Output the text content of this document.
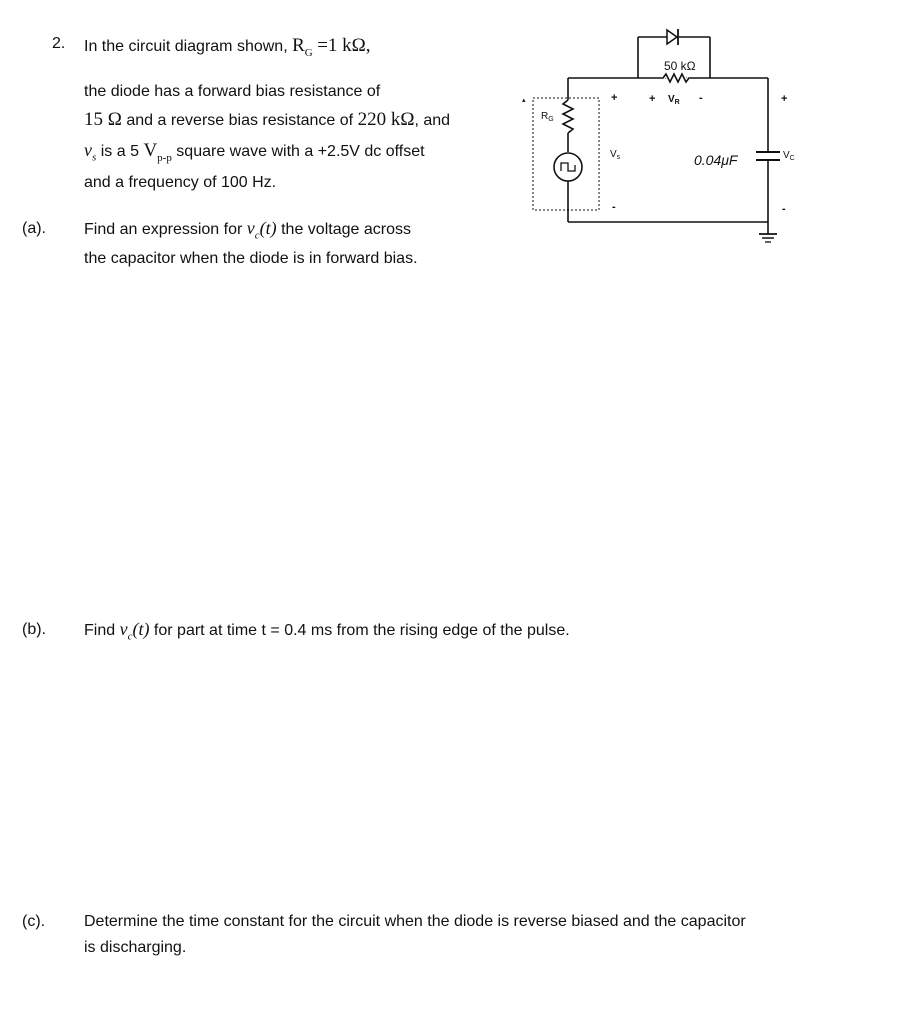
2. In the circuit diagram shown, $R_G =1$ kΩ,
the diode has a forward bias resistance of
15 Ω and a reverse bias resistance of 220 kΩ, and
$v_s$ is a 5 $V_{p-p}$ square wave with a +2.5V dc offset
and a frequency of 100 Hz.
(a). Find an expression for $v_c(t)$ the voltage across
the capacitor when the diode is in forward bias.
(b). Find $v_c(t)$ for part at time t = 0.4 ms from the rising edge of the pulse.
(c). Determine the time constant for the circuit when the diode is reverse biased and the capacitor
is discharging.
▴
50 kΩ
$R_G$
+
$V_s$
-
+ $V_R$ -	+
0.04μF	$V_C$
-
